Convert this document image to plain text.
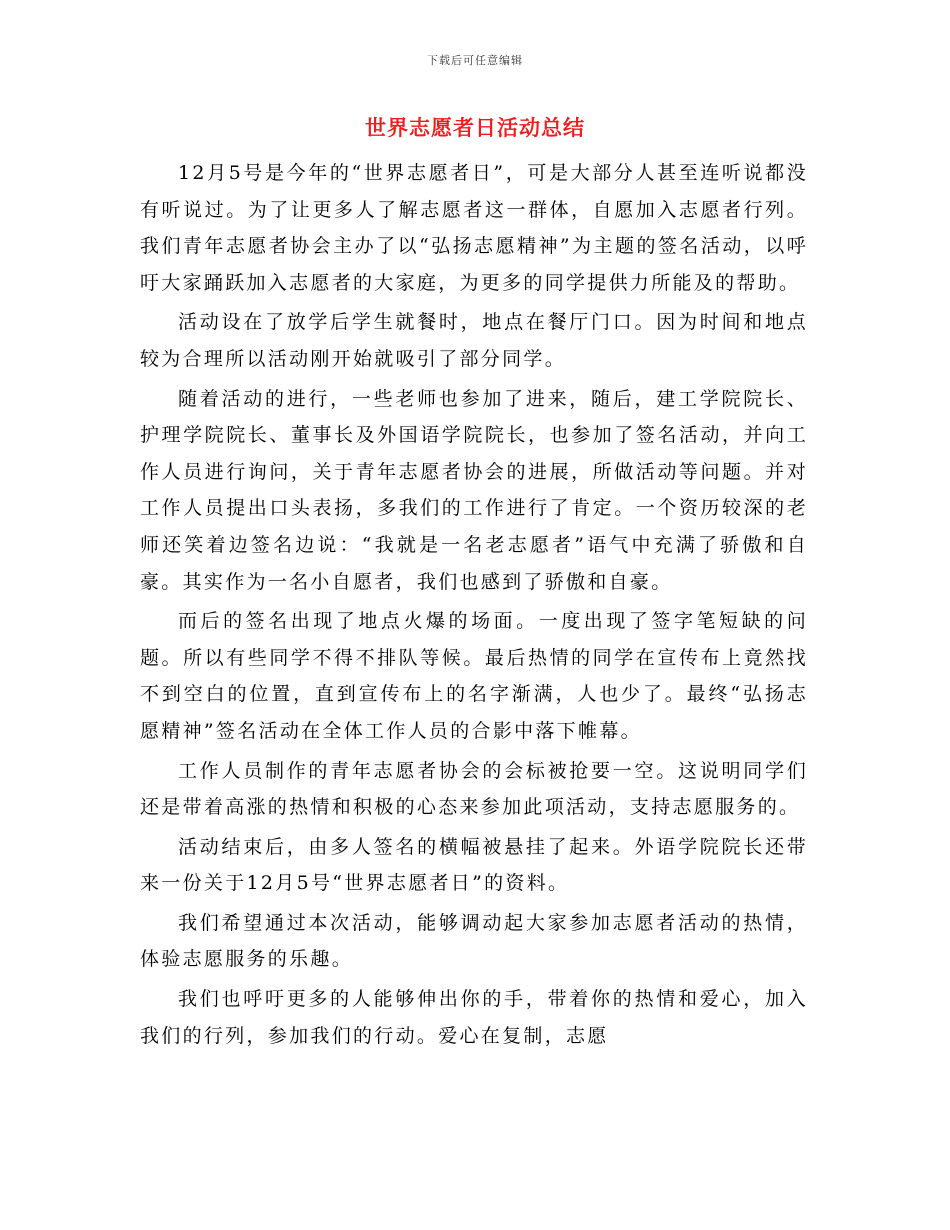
下载后可任意编辑
世界志愿者日活动总结

12月5号是今年的“世界志愿者日”，可是大部分人甚至连听说都没有听说过。为了让更多人了解志愿者这一群体，自愿加入志愿者行列。我们青年志愿者协会主办了以“弘扬志愿精神”为主题的签名活动，以呼吁大家踊跃加入志愿者的大家庭，为更多的同学提供力所能及的帮助。

活动设在了放学后学生就餐时，地点在餐厅门口。因为时间和地点较为合理所以活动刚开始就吸引了部分同学。

随着活动的进行，一些老师也参加了进来，随后，建工学院院长、护理学院院长、董事长及外国语学院院长，也参加了签名活动，并向工作人员进行询问，关于青年志愿者协会的进展，所做活动等问题。并对工作人员提出口头表扬，多我们的工作进行了肯定。一个资历较深的老师还笑着边签名边说：“我就是一名老志愿者”语气中充满了骄傲和自豪。其实作为一名小自愿者，我们也感到了骄傲和自豪。

而后的签名出现了地点火爆的场面。一度出现了签字笔短缺的问题。所以有些同学不得不排队等候。最后热情的同学在宣传布上竟然找不到空白的位置，直到宣传布上的名字渐满，人也少了。最终“弘扬志愿精神”签名活动在全体工作人员的合影中落下帷幕。

工作人员制作的青年志愿者协会的会标被抢要一空。这说明同学们还是带着高涨的热情和积极的心态来参加此项活动，支持志愿服务的。

活动结束后，由多人签名的横幅被悬挂了起来。外语学院院长还带来一份关于12月5号“世界志愿者日”的资料。

我们希望通过本次活动，能够调动起大家参加志愿者活动的热情，体验志愿服务的乐趣。

我们也呼吁更多的人能够伸出你的手，带着你的热情和爱心，加入我们的行列，参加我们的行动。爱心在复制，志愿
